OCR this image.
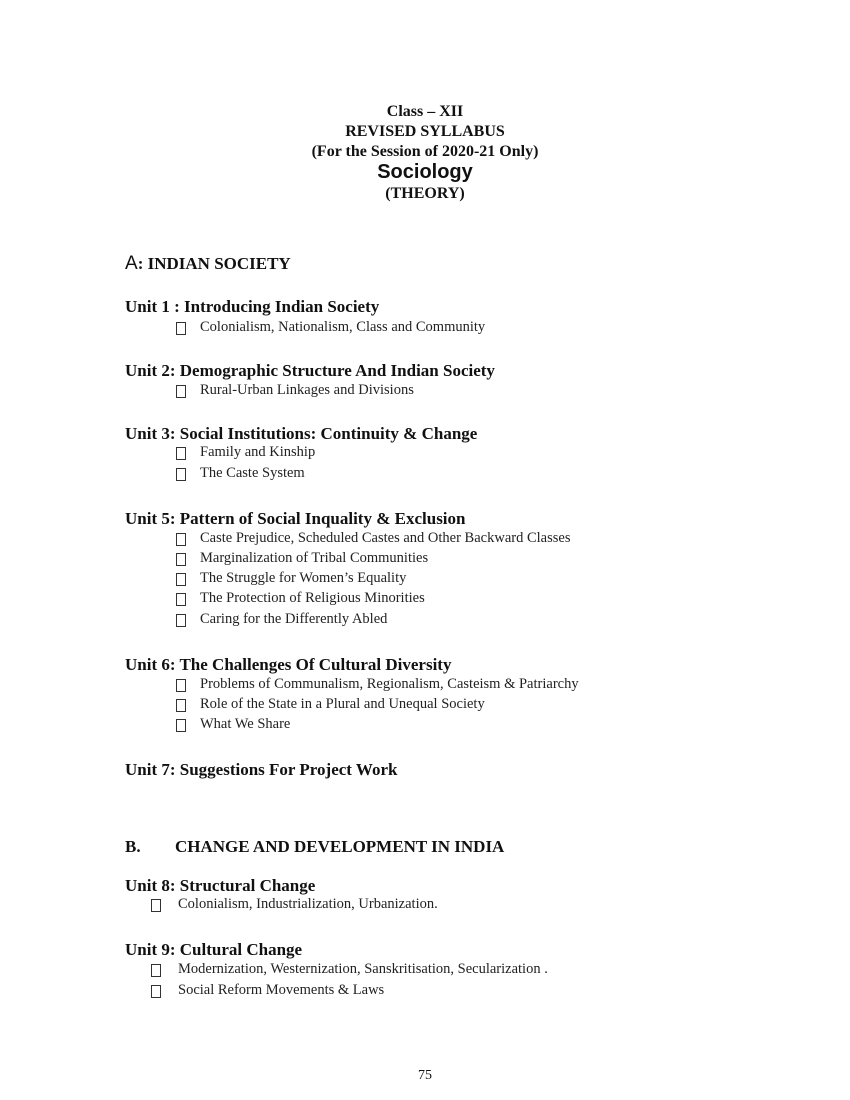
Class – XII
REVISED SYLLABUS
(For the Session of 2020-21 Only)
Sociology
(THEORY)
A: INDIAN SOCIETY
Unit 1 : Introducing Indian Society
Colonialism, Nationalism, Class and Community
Unit 2: Demographic Structure And Indian Society
Rural-Urban Linkages and Divisions
Unit 3: Social Institutions: Continuity & Change
Family and Kinship
The Caste System
Unit 5: Pattern of Social Inquality & Exclusion
Caste Prejudice, Scheduled Castes and Other Backward Classes
Marginalization of Tribal Communities
The Struggle for Women’s Equality
The Protection of Religious Minorities
Caring for the Differently Abled
Unit 6: The Challenges Of Cultural Diversity
Problems of Communalism, Regionalism, Casteism & Patriarchy
Role of the State in a Plural and Unequal Society
What We Share
Unit 7: Suggestions For Project Work
B. CHANGE AND DEVELOPMENT IN INDIA
Unit 8: Structural Change
Colonialism, Industrialization, Urbanization.
Unit 9: Cultural Change
Modernization, Westernization, Sanskritisation, Secularization .
Social Reform Movements & Laws
75
